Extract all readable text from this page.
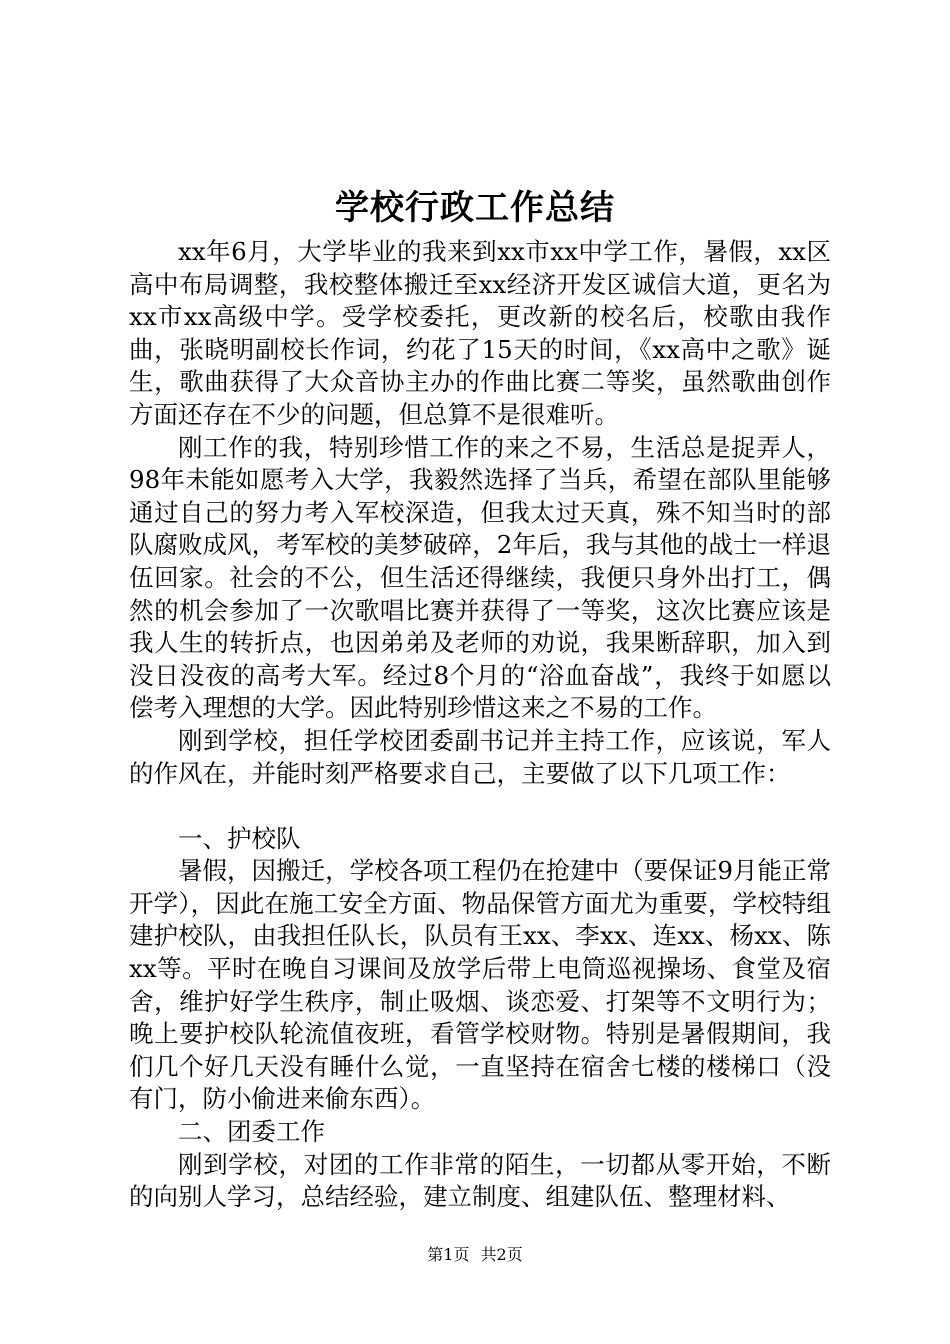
学校行政工作总结

xx年6月，大学毕业的我来到xx市xx中学工作，暑假，xx区高中布局调整，我校整体搬迁至xx经济开发区诚信大道，更名为xx市xx高级中学。受学校委托，更改新的校名后，校歌由我作曲，张晓明副校长作词，约花了15天的时间，《xx高中之歌》诞生，歌曲获得了大众音协主办的作曲比赛二等奖，虽然歌曲创作方面还存在不少的问题，但总算不是很难听。

刚工作的我，特别珍惜工作的来之不易，生活总是捉弄人，98年未能如愿考入大学，我毅然选择了当兵，希望在部队里能够通过自己的努力考入军校深造，但我太过天真，殊不知当时的部队腐败成风，考军校的美梦破碎，2年后，我与其他的战士一样退伍回家。社会的不公，但生活还得继续，我便只身外出打工，偶然的机会参加了一次歌唱比赛并获得了一等奖，这次比赛应该是我人生的转折点，也因弟弟及老师的劝说，我果断辞职，加入到没日没夜的高考大军。经过8个月的“浴血奋战”，我终于如愿以偿考入理想的大学。因此特别珍惜这来之不易的工作。

刚到学校，担任学校团委副书记并主持工作，应该说，军人的作风在，并能时刻严格要求自己，主要做了以下几项工作：

一、护校队

暑假，因搬迁，学校各项工程仍在抢建中（要保证9月能正常开学），因此在施工安全方面、物品保管方面尤为重要，学校特组建护校队，由我担任队长，队员有王xx、李xx、连xx、杨xx、陈xx等。平时在晚自习课间及放学后带上电筒巡视操场、食堂及宿舍，维护好学生秩序，制止吸烟、谈恋爱、打架等不文明行为；晚上要护校队轮流值夜班，看管学校财物。特别是暑假期间，我们几个好几天没有睡什么觉，一直坚持在宿舍七楼的楼梯口（没有门，防小偷进来偷东西）。

二、团委工作

刚到学校，对团的工作非常的陌生，一切都从零开始，不断的向别人学习，总结经验，建立制度、组建队伍、整理材料、

第1页 共2页
